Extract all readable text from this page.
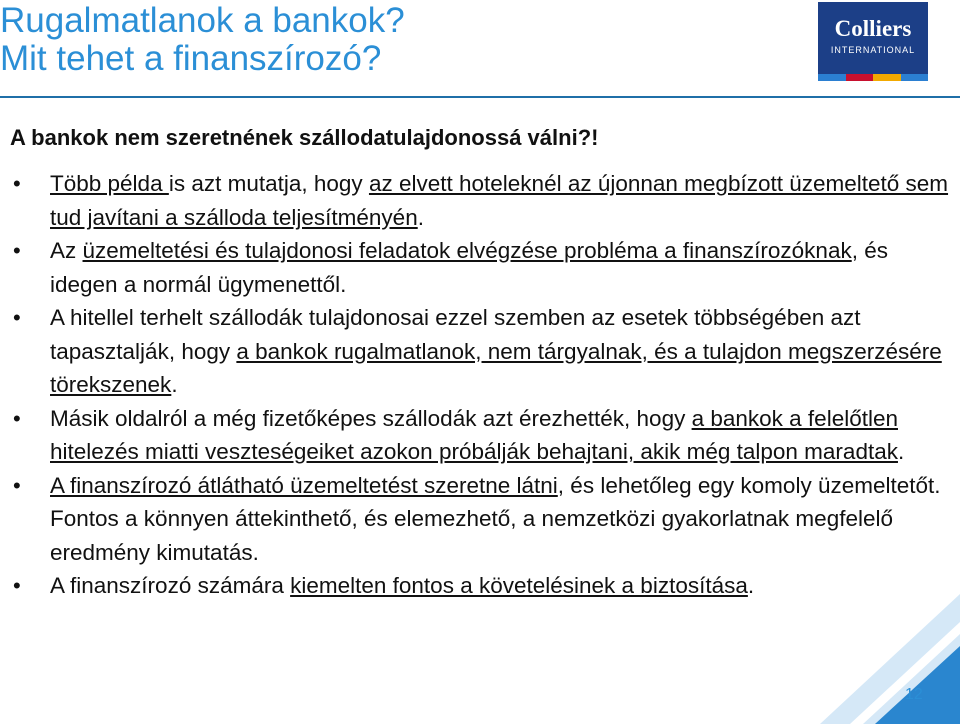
Rugalmatlanok a bankok?
Mit tehet a finanszírozó?
Colliers
INTERNATIONAL
A bankok nem szeretnének szállodatulajdonossá válni?!
• Több példa is azt mutatja, hogy az elvett hoteleknél az újonnan megbízott üzemeltető sem tud javítani a szálloda teljesítményén.
• Az üzemeltetési és tulajdonosi feladatok elvégzése probléma a finanszírozóknak, és idegen a normál ügymenettől.
• A hitellel terhelt szállodák tulajdonosai ezzel szemben az esetek többségében azt tapasztalják, hogy a bankok rugalmatlanok, nem tárgyalnak, és a tulajdon megszerzésére törekszenek.
• Másik oldalról a még fizetőképes szállodák azt érezhették, hogy a bankok a felelőtlen hitelezés miatti veszteségeiket azokon próbálják behajtani, akik még talpon maradtak.
• A finanszírozó átlátható üzemeltetést szeretne látni, és lehetőleg egy komoly üzemeltetőt. Fontos a könnyen áttekinthető, és elemezhető, a nemzetközi gyakorlatnak megfelelő eredmény kimutatás.
• A finanszírozó számára kiemelten fontos a követelésinek a biztosítása.
12
